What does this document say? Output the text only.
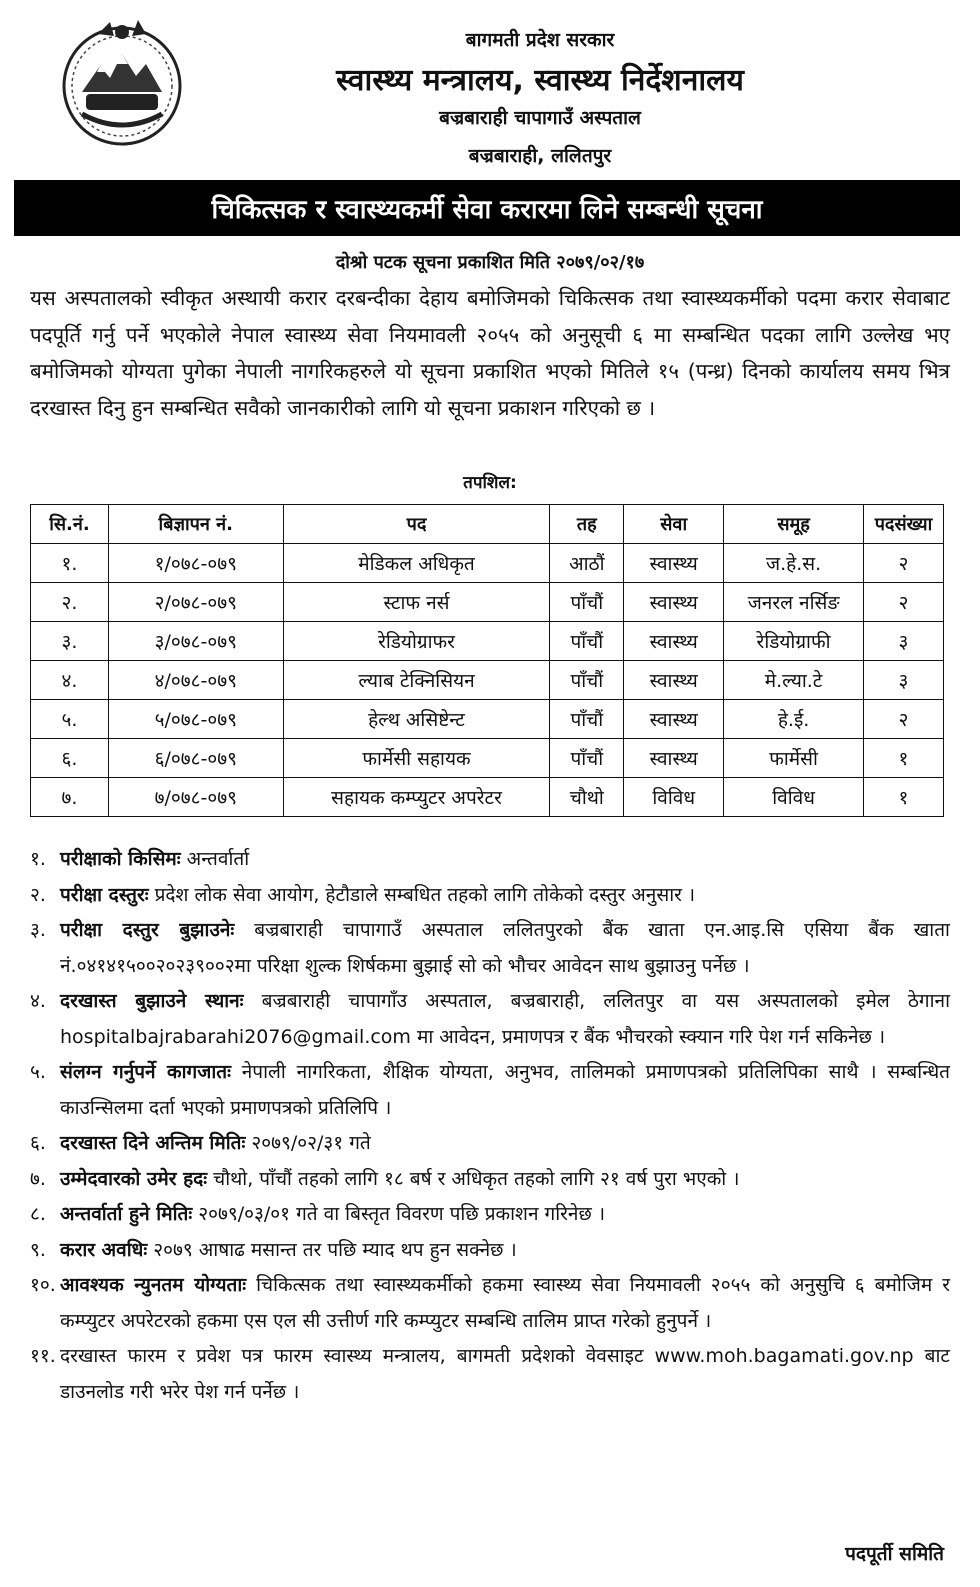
बागमती प्रदेश सरकार
स्वास्थ्य मन्त्रालय, स्वास्थ्य निर्देशनालय
बज्रबाराही चापागाउँ अस्पताल
बज्रबाराही, ललितपुर
चिकित्सक र स्वास्थ्यकर्मी सेवा करारमा लिने सम्बन्धी सूचना
दोश्रो पटक सूचना प्रकाशित मिति २०७९/०२/१७
यस अस्पतालको स्वीकृत अस्थायी करार दरबन्दीका देहाय बमोजिमको चिकित्सक तथा स्वास्थ्यकर्मीको पदमा करार सेवाबाट पदपूर्ति गर्नु पर्ने भएकोले नेपाल स्वास्थ्य सेवा नियमावली २०५५ को अनुसूची ६ मा सम्बन्धित पदका लागि उल्लेख भए बमोजिमको योग्यता पुगेका नेपाली नागरिकहरुले यो सूचना प्रकाशित भएको मितिले १५ (पन्ध्र) दिनको कार्यालय समय भित्र दरखास्त दिनु हुन सम्बन्धित सवैको जानकारीको लागि यो सूचना प्रकाशन गरिएको छ ।
तपशिल:
सि.नं.	बिज्ञापन नं.	पद	तह	सेवा	समूह	पदसंख्या
१.	१/०७८-०७९	मेडिकल अधिकृत	आठौं	स्वास्थ्य	ज.हे.स.	२
२.	२/०७८-०७९	स्टाफ नर्स	पाँचौं	स्वास्थ्य	जनरल नर्सिङ	२
३.	३/०७८-०७९	रेडियोग्राफर	पाँचौं	स्वास्थ्य	रेडियोग्राफी	३
४.	४/०७८-०७९	ल्याब टेक्निसियन	पाँचौं	स्वास्थ्य	मे.ल्या.टे	३
५.	५/०७८-०७९	हेल्थ असिष्टेन्ट	पाँचौं	स्वास्थ्य	हे.ई.	२
६.	६/०७८-०७९	फार्मेसी सहायक	पाँचौं	स्वास्थ्य	फार्मेसी	१
७.	७/०७८-०७९	सहायक कम्प्युटर अपरेटर	चौथो	विविध	विविध	१
१. परीक्षाको किसिमः अन्तर्वार्ता
२. परीक्षा दस्तुरः प्रदेश लोक सेवा आयोग, हेटौडाले सम्बधित तहको लागि तोकेको दस्तुर अनुसार ।
३. परीक्षा दस्तुर बुझाउनेः बज्रबाराही चापागाउँ अस्पताल ललितपुरको बैंक खाता एन.आइ.सि एसिया बैंक खाता नं.०४१४१५००२०२३९००२मा परिक्षा शुल्क शिर्षकमा बुझाई सो को भौचर आवेदन साथ बुझाउनु पर्नेछ ।
४. दरखास्त बुझाउने स्थानः बज्रबाराही चापागाँउ अस्पताल, बज्रबाराही, ललितपुर वा यस अस्पतालको इमेल ठेगाना hospitalbajrabarahi2076@gmail.com मा आवेदन, प्रमाणपत्र र बैंक भौचरको स्क्यान गरि पेश गर्न सकिनेछ ।
५. संलग्न गर्नुपर्ने कागजातः नेपाली नागरिकता, शैक्षिक योग्यता, अनुभव, तालिमको प्रमाणपत्रको प्रतिलिपिका साथै । सम्बन्धित काउन्सिलमा दर्ता भएको प्रमाणपत्रको प्रतिलिपि ।
६. दरखास्त दिने अन्तिम मितिः २०७९/०२/३१ गते
७. उम्मेदवारको उमेर हदः चौथो, पाँचौं तहको लागि १८ बर्ष र अधिकृत तहको लागि २१ वर्ष पुरा भएको ।
८. अन्तर्वार्ता हुने मितिः २०७९/०३/०१ गते वा बिस्तृत विवरण पछि प्रकाशन गरिनेछ ।
९. करार अवधिः २०७९ आषाढ मसान्त तर पछि म्याद थप हुन सक्नेछ ।
१०. आवश्यक न्युनतम योग्यताः चिकित्सक तथा स्वास्थ्यकर्मीको हकमा स्वास्थ्य सेवा नियमावली २०५५ को अनुसुचि ६ बमोजिम र कम्प्युटर अपरेटरको हकमा एस एल सी उत्तीर्ण गरि कम्प्युटर सम्बन्धि तालिम प्राप्त गरेको हुनुपर्ने ।
११. दरखास्त फारम र प्रवेश पत्र फारम स्वास्थ्य मन्त्रालय, बागमती प्रदेशको वेवसाइट www.moh.bagamati.gov.np बाट डाउनलोड गरी भरेर पेश गर्न पर्नेछ ।
पदपूर्ती समिति
